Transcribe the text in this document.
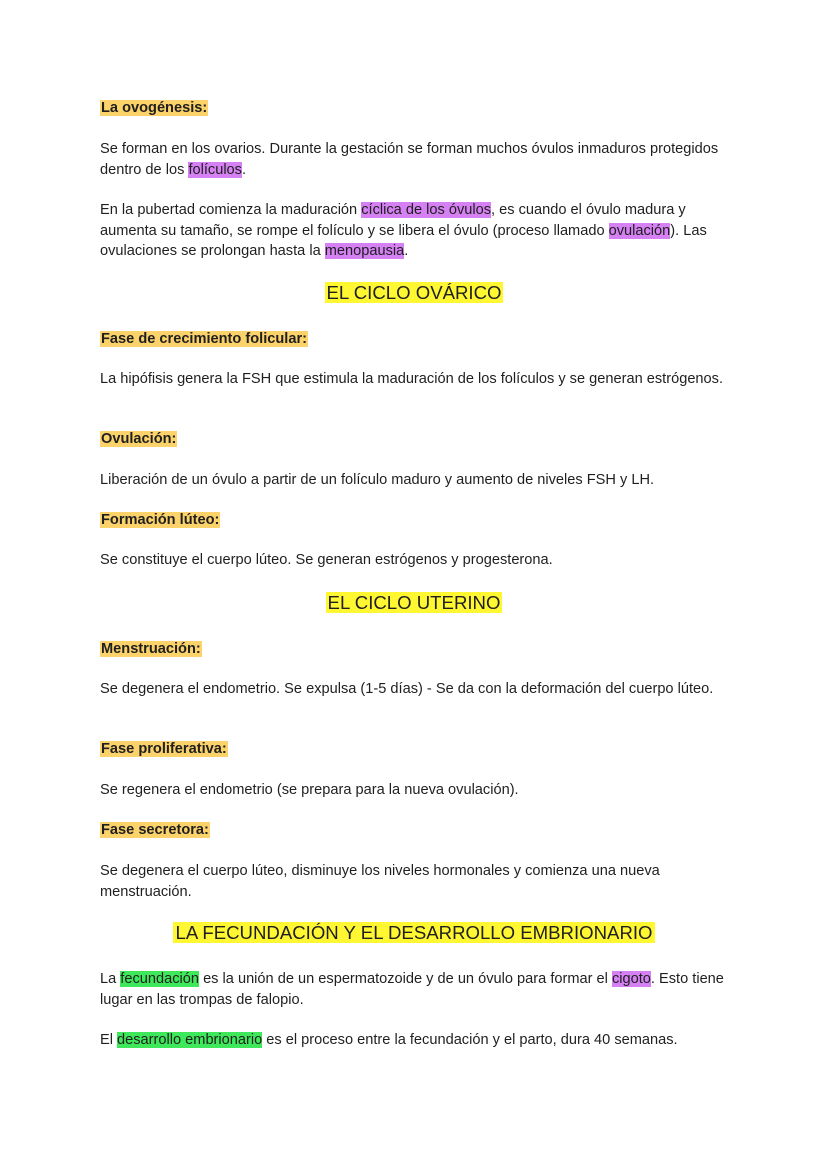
La ovogénesis:

Se forman en los ovarios. Durante la gestación se forman muchos óvulos inmaduros protegidos dentro de los folículos.

En la pubertad comienza la maduración cíclica de los óvulos, es cuando el óvulo madura y aumenta su tamaño, se rompe el folículo y se libera el óvulo (proceso llamado ovulación). Las ovulaciones se prolongan hasta la menopausia.

EL CICLO OVÁRICO

Fase de crecimiento folicular:

La hipófisis genera la FSH que estimula la maduración de los folículos y se generan estrógenos.

Ovulación:

Liberación de un óvulo a partir de un folículo maduro y aumento de niveles FSH y LH.

Formación lúteo:

Se constituye el cuerpo lúteo. Se generan estrógenos y progesterona.

EL CICLO UTERINO

Menstruación:

Se degenera el endometrio. Se expulsa (1-5 días) - Se da con la deformación del cuerpo lúteo.

Fase proliferativa:

Se regenera el endometrio (se prepara para la nueva ovulación).

Fase secretora:

Se degenera el cuerpo lúteo, disminuye los niveles hormonales y comienza una nueva menstruación.

LA FECUNDACIÓN Y EL DESARROLLO EMBRIONARIO

La fecundación es la unión de un espermatozoide y de un óvulo para formar el cigoto. Esto tiene lugar en las trompas de falopio.

El desarrollo embrionario es el proceso entre la fecundación y el parto, dura 40 semanas.
